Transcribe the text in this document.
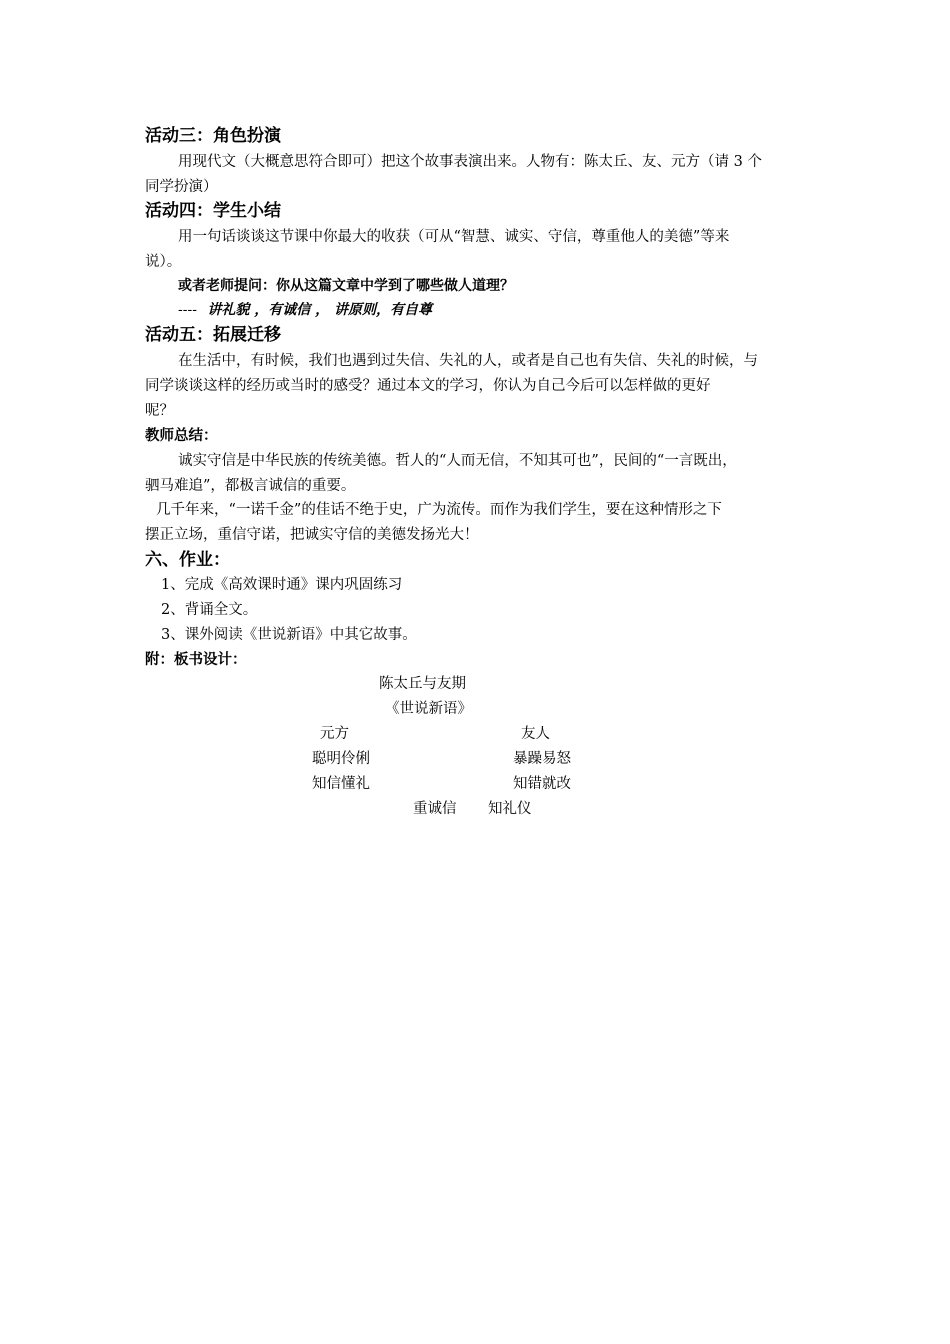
活动三：角色扮演
用现代文（大概意思符合即可）把这个故事表演出来。人物有：陈太丘、友、元方（请 3 个
同学扮演）
活动四：学生小结
用一句话谈谈这节课中你最大的收获（可从“智慧、诚实、守信，尊重他人的美德”等来
说）。
或者老师提问：你从这篇文章中学到了哪些做人道理？
---- 讲礼貌 ，有诚信 ， 讲原则，有自尊
活动五：拓展迁移
在生活中，有时候，我们也遇到过失信、失礼的人，或者是自己也有失信、失礼的时候，与
同学谈谈这样的经历或当时的感受？通过本文的学习，你认为自己今后可以怎样做的更好
呢？
教师总结：
诚实守信是中华民族的传统美德。哲人的“人而无信，不知其可也”，民间的“一言既出，
驷马难追”，都极言诚信的重要。
几千年来，“一诺千金”的佳话不绝于史，广为流传。而作为我们学生，要在这种情形之下
摆正立场，重信守诺，把诚实守信的美德发扬光大！
六、作业：
1、完成《高效课时通》课内巩固练习
2、背诵全文。
3、课外阅读《世说新语》中其它故事。
附：板书设计：
陈太丘与友期
《世说新语》
元方	友人
聪明伶俐	暴躁易怒
知信懂礼	知错就改
重诚信 知礼仪
